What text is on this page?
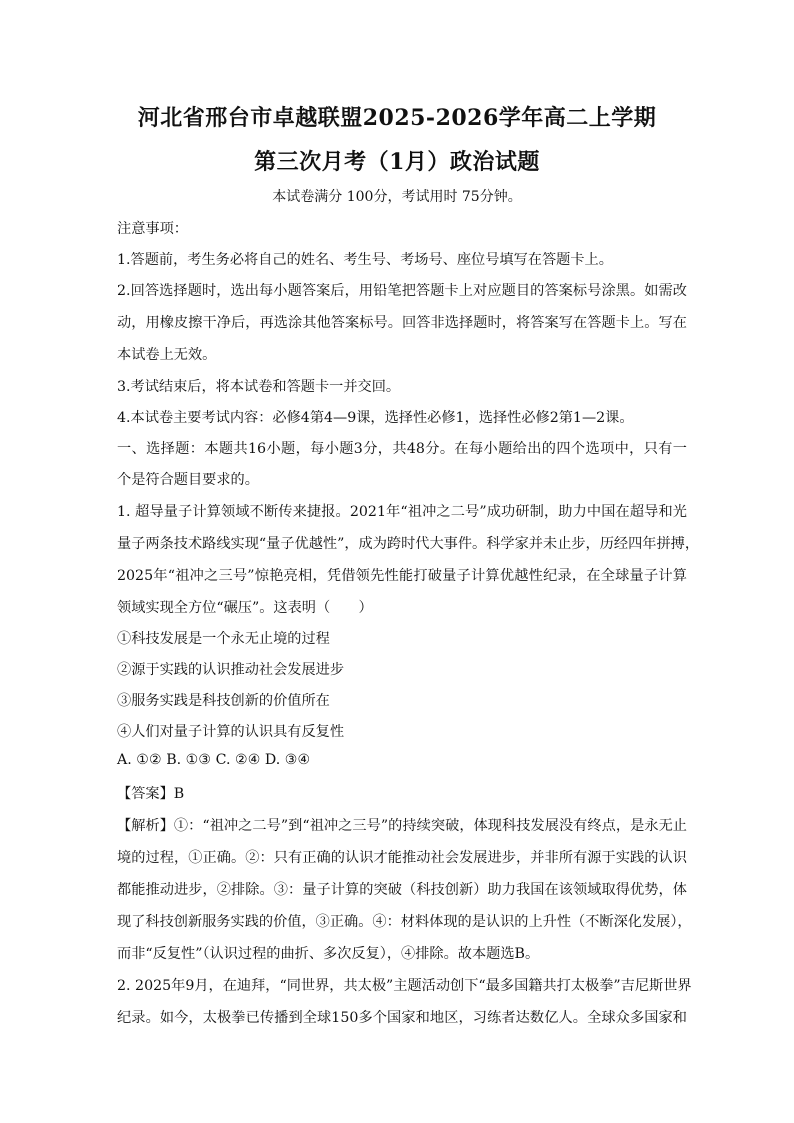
河北省邢台市卓越联盟2025-2026学年高二上学期
第三次月考（1月）政治试题
本试卷满分 100分，考试用时 75分钟。
注意事项：
1.答题前，考生务必将自己的姓名、考生号、考场号、座位号填写在答题卡上。
2.回答选择题时，选出每小题答案后，用铅笔把答题卡上对应题目的答案标号涂黑。如需改
动，用橡皮擦干净后，再选涂其他答案标号。回答非选择题时，将答案写在答题卡上。写在
本试卷上无效。
3.考试结束后，将本试卷和答题卡一并交回。
4.本试卷主要考试内容：必修4第4—9课，选择性必修1，选择性必修2第1—2课。
一、选择题：本题共16小题，每小题3分，共48分。在每小题给出的四个选项中，只有一
个是符合题目要求的。
1. 超导量子计算领域不断传来捷报。2021年“祖冲之二号”成功研制，助力中国在超导和光
量子两条技术路线实现“量子优越性”，成为跨时代大事件。科学家并未止步，历经四年拼搏，
2025年“祖冲之三号”惊艳亮相，凭借领先性能打破量子计算优越性纪录，在全球量子计算
领域实现全方位“碾压”。这表明（　　）
①科技发展是一个永无止境的过程
②源于实践的认识推动社会发展进步
③服务实践是科技创新的价值所在
④人们对量子计算的认识具有反复性
A. ①② B. ①③ C. ②④ D. ③④
【答案】B
【解析】①：“祖冲之二号”到“祖冲之三号”的持续突破，体现科技发展没有终点，是永无止
境的过程，①正确。②：只有正确的认识才能推动社会发展进步，并非所有源于实践的认识
都能推动进步，②排除。③：量子计算的突破（科技创新）助力我国在该领域取得优势，体
现了科技创新服务实践的价值，③正确。④：材料体现的是认识的上升性（不断深化发展），
而非“反复性”（认识过程的曲折、多次反复），④排除。故本题选B。
2. 2025年9月，在迪拜，“同世界，共太极”主题活动创下“最多国籍共打太极拳”吉尼斯世界
纪录。如今，太极拳已传播到全球150多个国家和地区，习练者达数亿人。全球众多国家和
